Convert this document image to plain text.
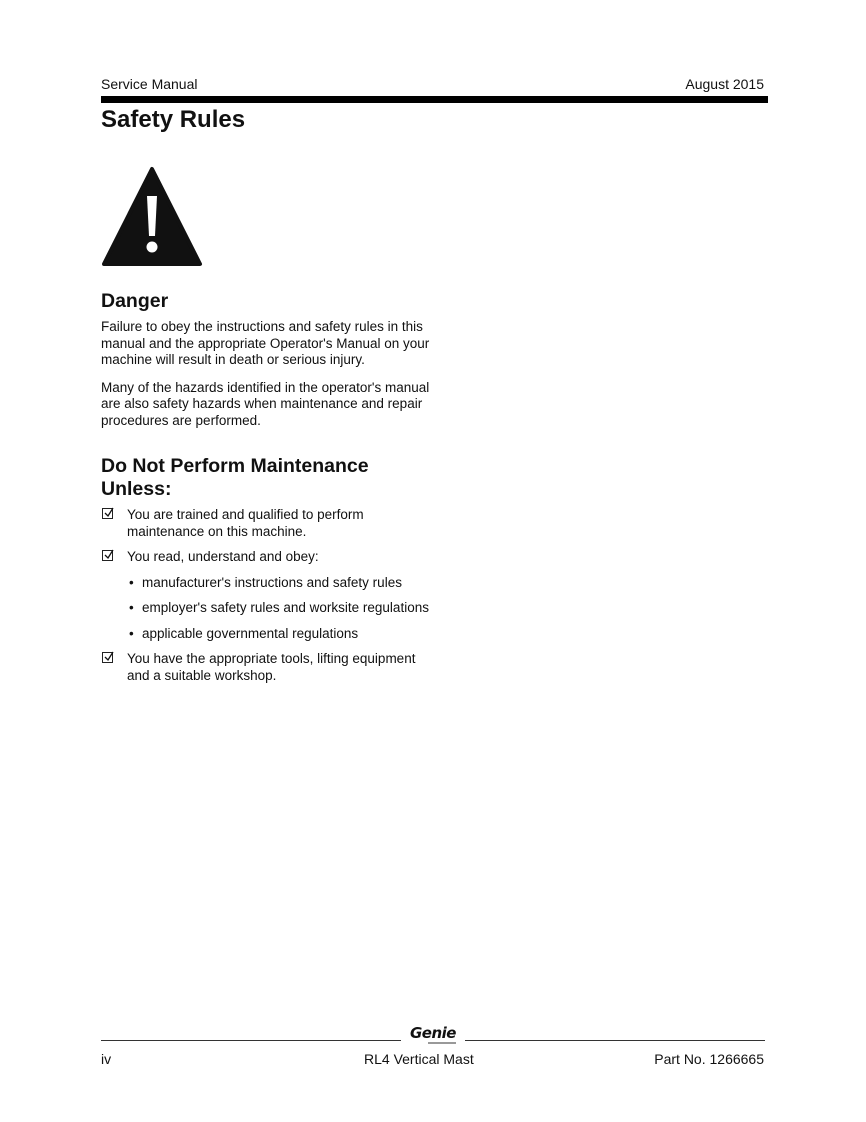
Service Manual	August 2015
Safety Rules
Danger

Failure to obey the instructions and safety rules in this manual and the appropriate Operator's Manual on your machine will result in death or serious injury.

Many of the hazards identified in the operator's manual are also safety hazards when maintenance and repair procedures are performed.

Do Not Perform Maintenance Unless:
You are trained and qualified to perform maintenance on this machine.
You read, understand and obey:
• manufacturer's instructions and safety rules
• employer's safety rules and worksite regulations
• applicable governmental regulations
You have the appropriate tools, lifting equipment and a suitable workshop.
Genie
iv	RL4 Vertical Mast	Part No. 1266665
